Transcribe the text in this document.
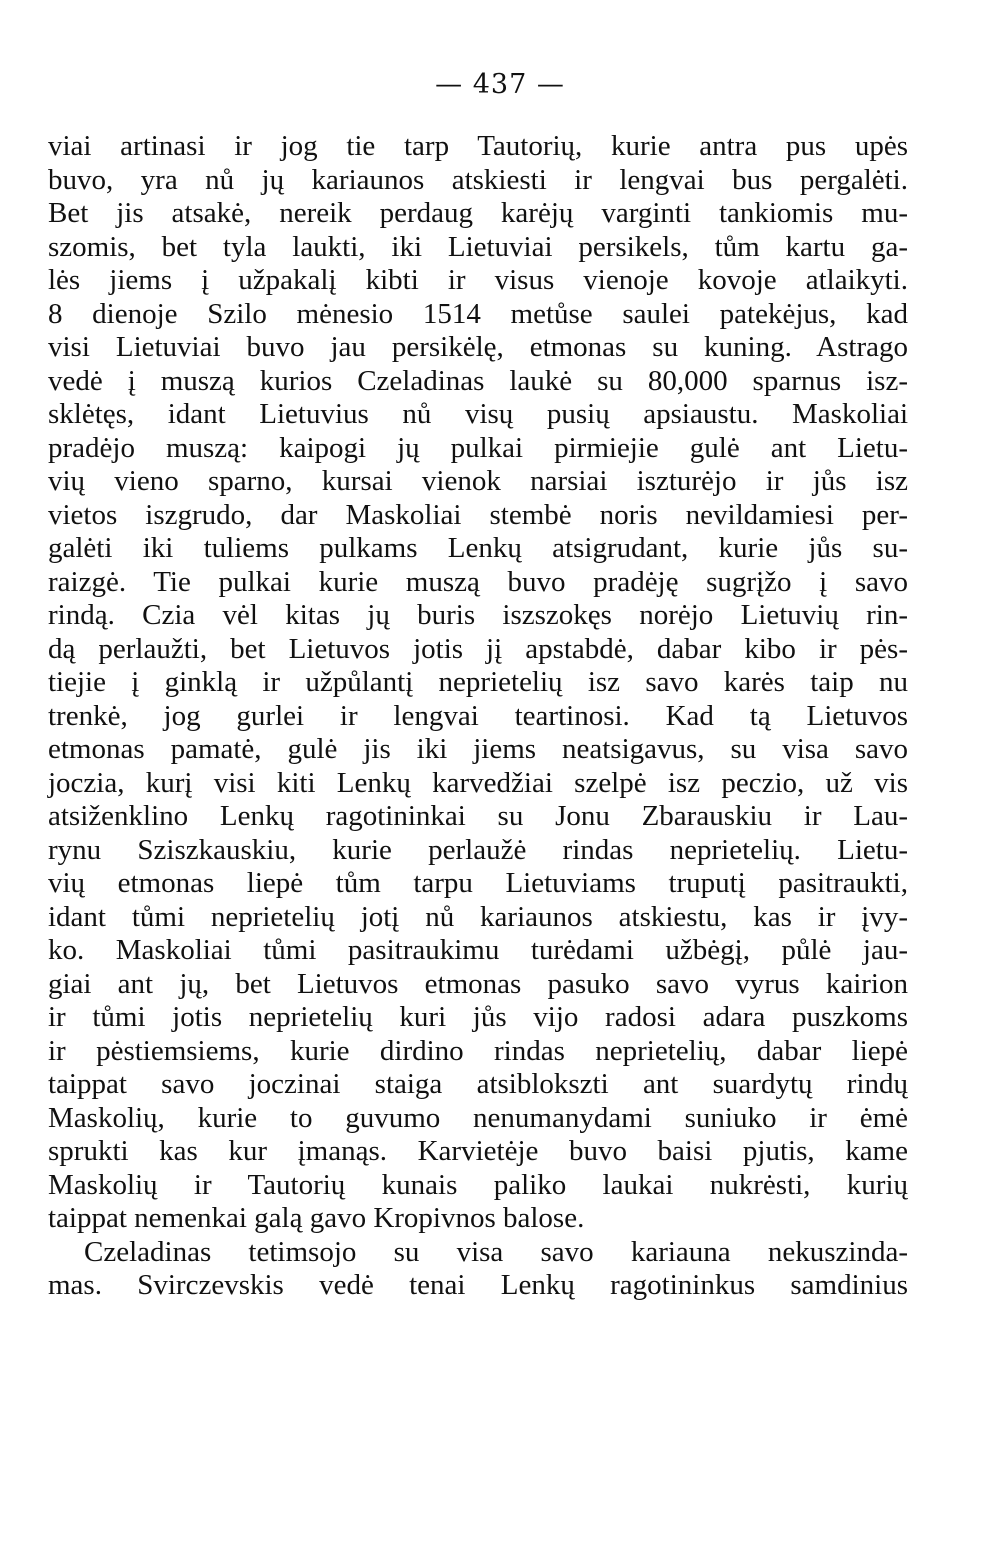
— 437 —
viai artinasi ir jog tie tarp Tautorių, kurie antra pus upės
buvo, yra nů jų kariaunos atskiesti ir lengvai bus pergalėti.
Bet jis atsakė, nereik perdaug karėjų varginti tankiomis mu-
szomis, bet tyla laukti, iki Lietuviai persikels, tům kartu ga-
lės jiems į užpakalį kibti ir visus vienoje kovoje atlaikyti.
8 dienoje Szilo mėnesio 1514 metůse saulei patekėjus, kad
visi Lietuviai buvo jau persikėlę, etmonas su kuning. Astrago
vedė į muszą kurios Czeladinas laukė su 80,000 sparnus isz-
sklėtęs, idant Lietuvius nů visų pusių apsiaustu. Maskoliai
pradėjo muszą: kaipogi jų pulkai pirmiejie gulė ant Lietu-
vių vieno sparno, kursai vienok narsiai iszturėjo ir jůs isz
vietos iszgrudo, dar Maskoliai stembė noris nevildamiesi per-
galėti iki tuliems pulkams Lenkų atsigrudant, kurie jůs su-
raizgė. Tie pulkai kurie muszą buvo pradėję sugrįžo į savo
rindą. Czia vėl kitas jų buris iszszokęs norėjo Lietuvių rin-
dą perlaužti, bet Lietuvos jotis jį apstabdė, dabar kibo ir pės-
tiejie į ginklą ir užpůlantį neprietelių isz savo karės taip nu
trenkė, jog gurlei ir lengvai teartinosi. Kad tą Lietuvos
etmonas pamatė, gulė jis iki jiems neatsigavus, su visa savo
joczia, kurį visi kiti Lenkų karvedžiai szelpė isz peczio, už vis
atsiženklino Lenkų ragotininkai su Jonu Zbarauskiu ir Lau-
rynu Sziszkauskiu, kurie perlaužė rindas neprietelių. Lietu-
vių etmonas liepė tům tarpu Lietuviams truputį pasitraukti,
idant tůmi neprietelių jotį nů kariaunos atskiestu, kas ir įvy-
ko. Maskoliai tůmi pasitraukimu turėdami užbėgį, půlė jau-
giai ant jų, bet Lietuvos etmonas pasuko savo vyrus kairion
ir tůmi jotis neprietelių kuri jůs vijo radosi adara puszkoms
ir pėstiemsiems, kurie dirdino rindas neprietelių, dabar liepė
taippat savo joczinai staiga atsiblokszti ant suardytų rindų
Maskolių, kurie to guvumo nenumanydami suniuko ir ėmė
sprukti kas kur įmanąs. Karvietėje buvo baisi pjutis, kame
Maskolių ir Tautorių kunais paliko laukai nukrėsti, kurių
taippat nemenkai galą gavo Kropivnos balose.
Czeladinas tetimsojo su visa savo kariauna nekuszinda-
mas. Svirczevskis vedė tenai Lenkų ragotininkus samdinius
